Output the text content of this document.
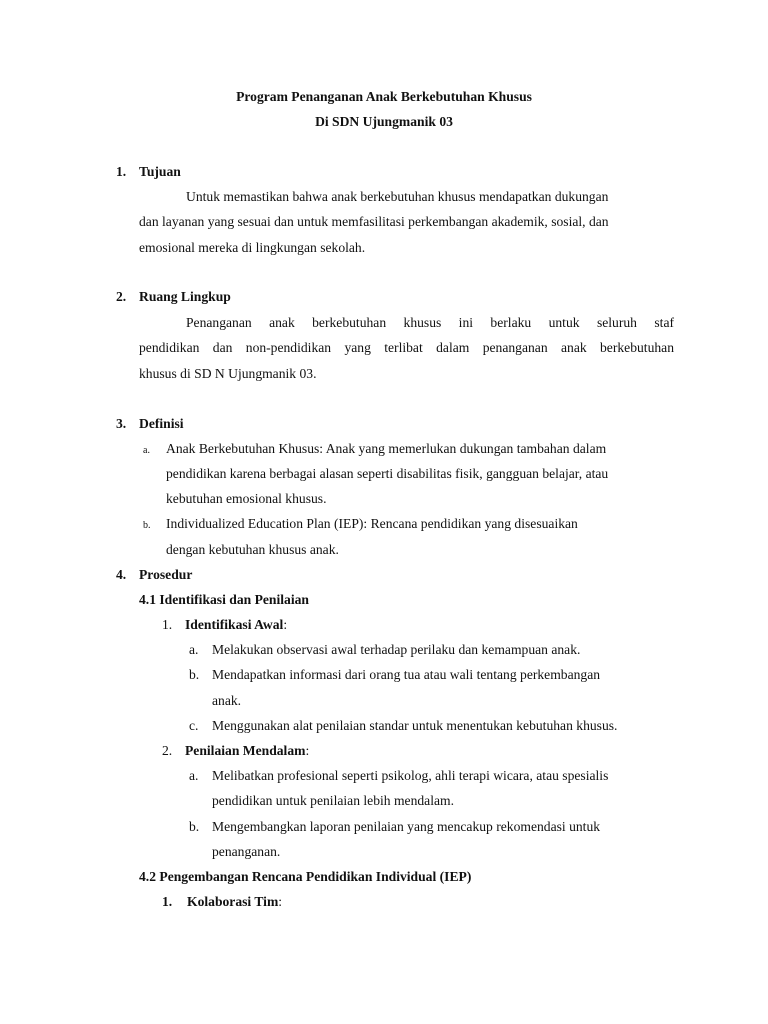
Program Penanganan Anak Berkebutuhan Khusus
Di SDN Ujungmanik 03
1. Tujuan
Untuk memastikan bahwa anak berkebutuhan khusus mendapatkan dukungan
dan layanan yang sesuai dan untuk memfasilitasi perkembangan akademik, sosial, dan
emosional mereka di lingkungan sekolah.
2. Ruang Lingkup
Penanganan anak berkebutuhan khusus ini berlaku untuk seluruh staf
pendidikan dan non-pendidikan yang terlibat dalam penanganan anak berkebutuhan
khusus di SD N Ujungmanik 03.
3. Definisi
a. Anak Berkebutuhan Khusus: Anak yang memerlukan dukungan tambahan dalam
pendidikan karena berbagai alasan seperti disabilitas fisik, gangguan belajar, atau
kebutuhan emosional khusus.
b. Individualized Education Plan (IEP): Rencana pendidikan yang disesuaikan
dengan kebutuhan khusus anak.
4. Prosedur
4.1 Identifikasi dan Penilaian
1. Identifikasi Awal:
a. Melakukan observasi awal terhadap perilaku dan kemampuan anak.
b. Mendapatkan informasi dari orang tua atau wali tentang perkembangan
anak.
c. Menggunakan alat penilaian standar untuk menentukan kebutuhan khusus.
2. Penilaian Mendalam:
a. Melibatkan profesional seperti psikolog, ahli terapi wicara, atau spesialis
pendidikan untuk penilaian lebih mendalam.
b. Mengembangkan laporan penilaian yang mencakup rekomendasi untuk
penanganan.
4.2 Pengembangan Rencana Pendidikan Individual (IEP)
1. Kolaborasi Tim:
